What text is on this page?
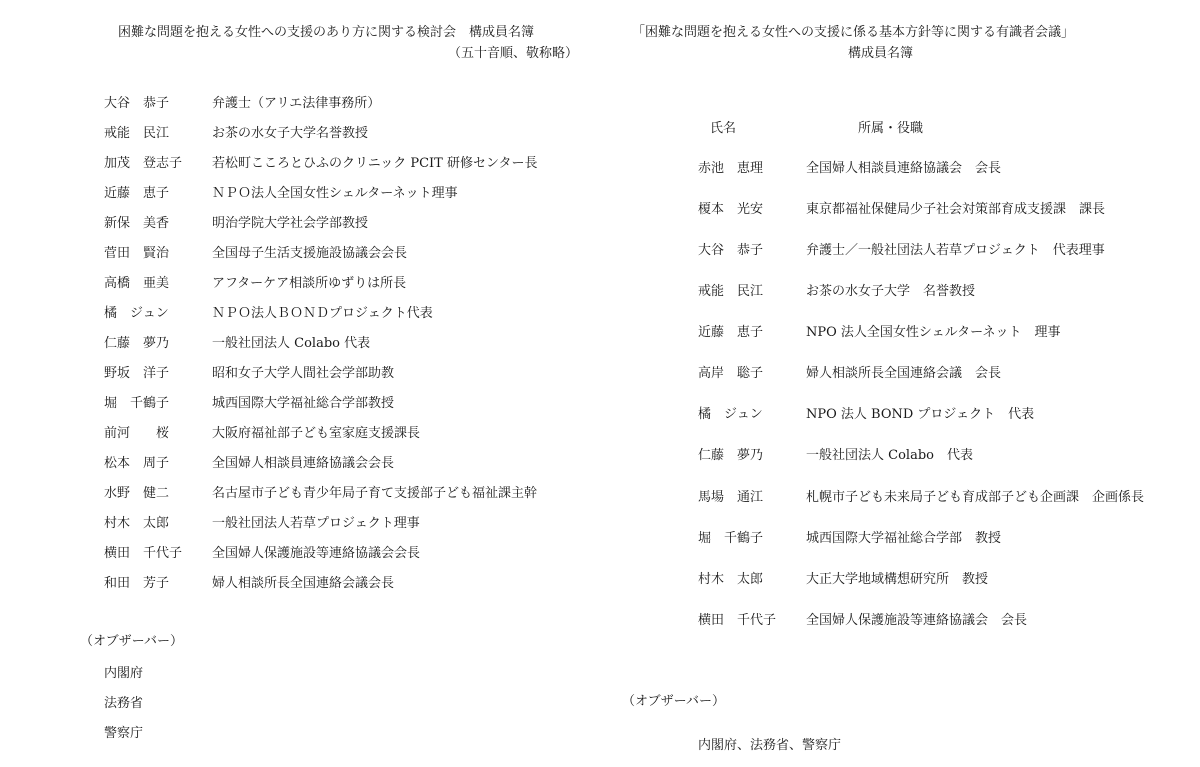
困難な問題を抱える女性への支援のあり方に関する検討会　構成員名簿
（五十音順、敬称略）
大谷　恭子	弁護士（アリエ法律事務所）
戒能　民江	お茶の水女子大学名誉教授
加茂　登志子 若松町こころとひふのクリニック PCIT 研修センター長
近藤　恵子	ＮＰＯ法人全国女性シェルターネット理事
新保　美香	明治学院大学社会学部教授
菅田　賢治	全国母子生活支援施設協議会会長
高橋　亜美	アフターケア相談所ゆずりは所長
橘　ジュン	ＮＰＯ法人ＢＯＮＤプロジェクト代表
仁藤　夢乃	一般社団法人 Colabo 代表
野坂　洋子	昭和女子大学人間社会学部助教
堀　千鶴子	城西国際大学福祉総合学部教授
前河　　桜	大阪府福祉部子ども室家庭支援課長
松本　周子	全国婦人相談員連絡協議会会長
水野　健二	名古屋市子ども青少年局子育て支援部子ども福祉課主幹
村木　太郎	一般社団法人若草プロジェクト理事
横田　千代子 全国婦人保護施設等連絡協議会会長
和田　芳子	婦人相談所長全国連絡会議会長
（オブザーバー）
内閣府
法務省
警察庁
「困難な問題を抱える女性への支援に係る基本方針等に関する有識者会議」
構成員名簿
氏名	所属・役職
赤池　恵理	全国婦人相談員連絡協議会　会長
榎本　光安	東京都福祉保健局少子社会対策部育成支援課　課長
大谷　恭子	弁護士／一般社団法人若草プロジェクト　代表理事
戒能　民江	お茶の水女子大学　名誉教授
近藤　恵子	NPO 法人全国女性シェルターネット　理事
高岸　聡子	婦人相談所長全国連絡会議　会長
橘　ジュン	NPO 法人 BOND プロジェクト　代表
仁藤　夢乃	一般社団法人 Colabo　代表
馬場　通江	札幌市子ども未来局子ども育成部子ども企画課　企画係長
堀　千鶴子	城西国際大学福祉総合学部　教授
村木　太郎	大正大学地域構想研究所　教授
横田　千代子 全国婦人保護施設等連絡協議会　会長
（オブザーバー）
内閣府、法務省、警察庁
